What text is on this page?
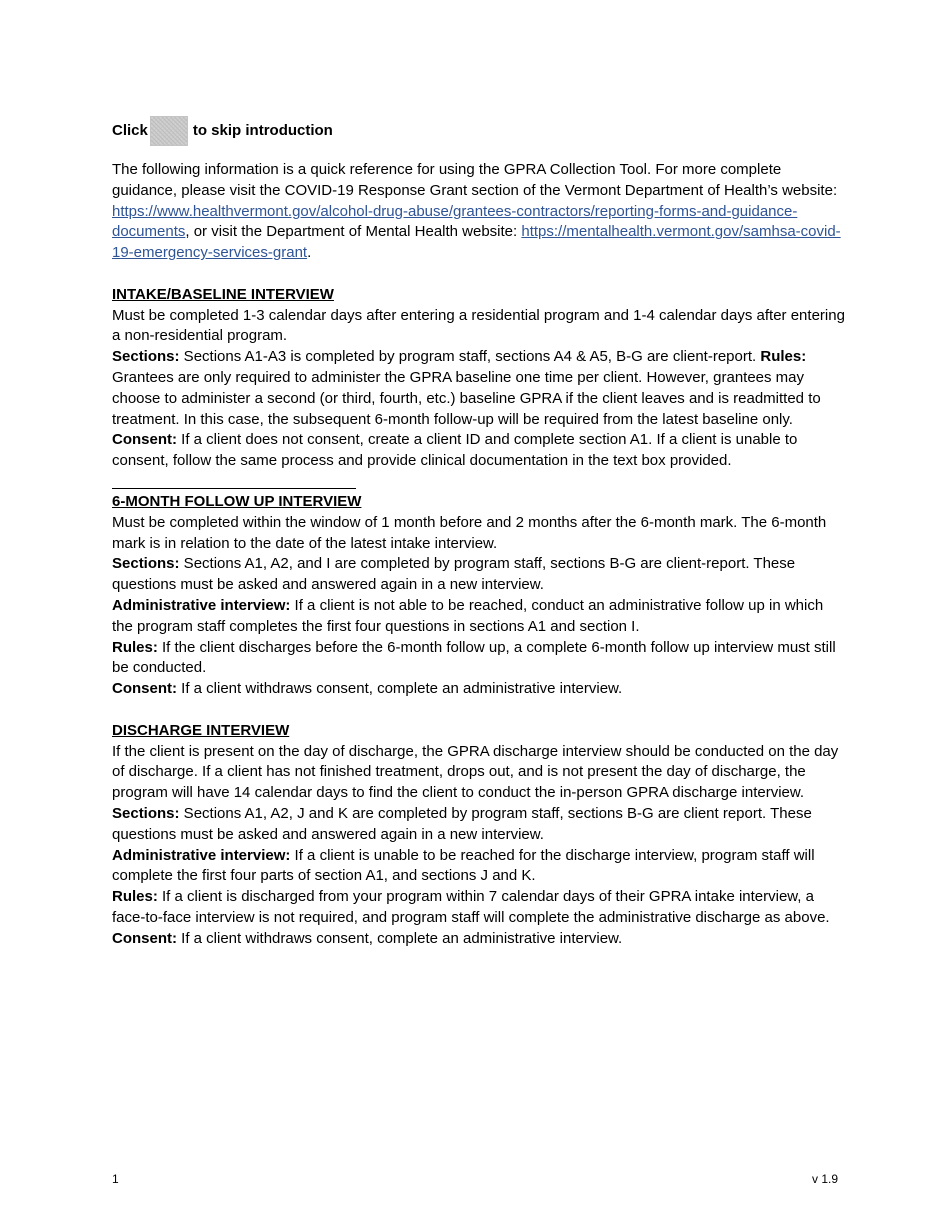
Click	to skip introduction

The following information is a quick reference for using the GPRA Collection Tool. For more complete guidance, please visit the COVID-19 Response Grant section of the Vermont Department of Health’s website: https://www.healthvermont.gov/alcohol-drug-abuse/grantees-contractors/reporting-forms-and-guidance-documents, or visit the Department of Mental Health website: https://mentalhealth.vermont.gov/samhsa-covid-19-emergency-services-grant.

INTAKE/BASELINE INTERVIEW

Must be completed 1-3 calendar days after entering a residential program and 1-4 calendar days after entering a non-residential program.

Sections: Sections A1-A3 is completed by program staff, sections A4 & A5, B-G are client-report. Rules: Grantees are only required to administer the GPRA baseline one time per client. However, grantees may choose to administer a second (or third, fourth, etc.) baseline GPRA if the client leaves and is readmitted to treatment. In this case, the subsequent 6-month follow-up will be required from the latest baseline only.

Consent: If a client does not consent, create a client ID and complete section A1. If a client is unable to consent, follow the same process and provide clinical documentation in the text box provided.

6-MONTH FOLLOW UP INTERVIEW

Must be completed within the window of 1 month before and 2 months after the 6-month mark. The 6-month mark is in relation to the date of the latest intake interview.

Sections: Sections A1, A2, and I are completed by program staff, sections B-G are client-report. These questions must be asked and answered again in a new interview.

Administrative interview: If a client is not able to be reached, conduct an administrative follow up in which the program staff completes the first four questions in sections A1 and section I.

Rules: If the client discharges before the 6-month follow up, a complete 6-month follow up interview must still be conducted.

Consent: If a client withdraws consent, complete an administrative interview.

DISCHARGE INTERVIEW

If the client is present on the day of discharge, the GPRA discharge interview should be conducted on the day of discharge. If a client has not finished treatment, drops out, and is not present the day of discharge, the program will have 14 calendar days to find the client to conduct the in-person GPRA discharge interview.

Sections: Sections A1, A2, J and K are completed by program staff, sections B-G are client report. These questions must be asked and answered again in a new interview.

Administrative interview: If a client is unable to be reached for the discharge interview, program staff will complete the first four parts of section A1, and sections J and K.

Rules: If a client is discharged from your program within 7 calendar days of their GPRA intake interview, a face-to-face interview is not required, and program staff will complete the administrative discharge as above.

Consent: If a client withdraws consent, complete an administrative interview.

1	v 1.9
